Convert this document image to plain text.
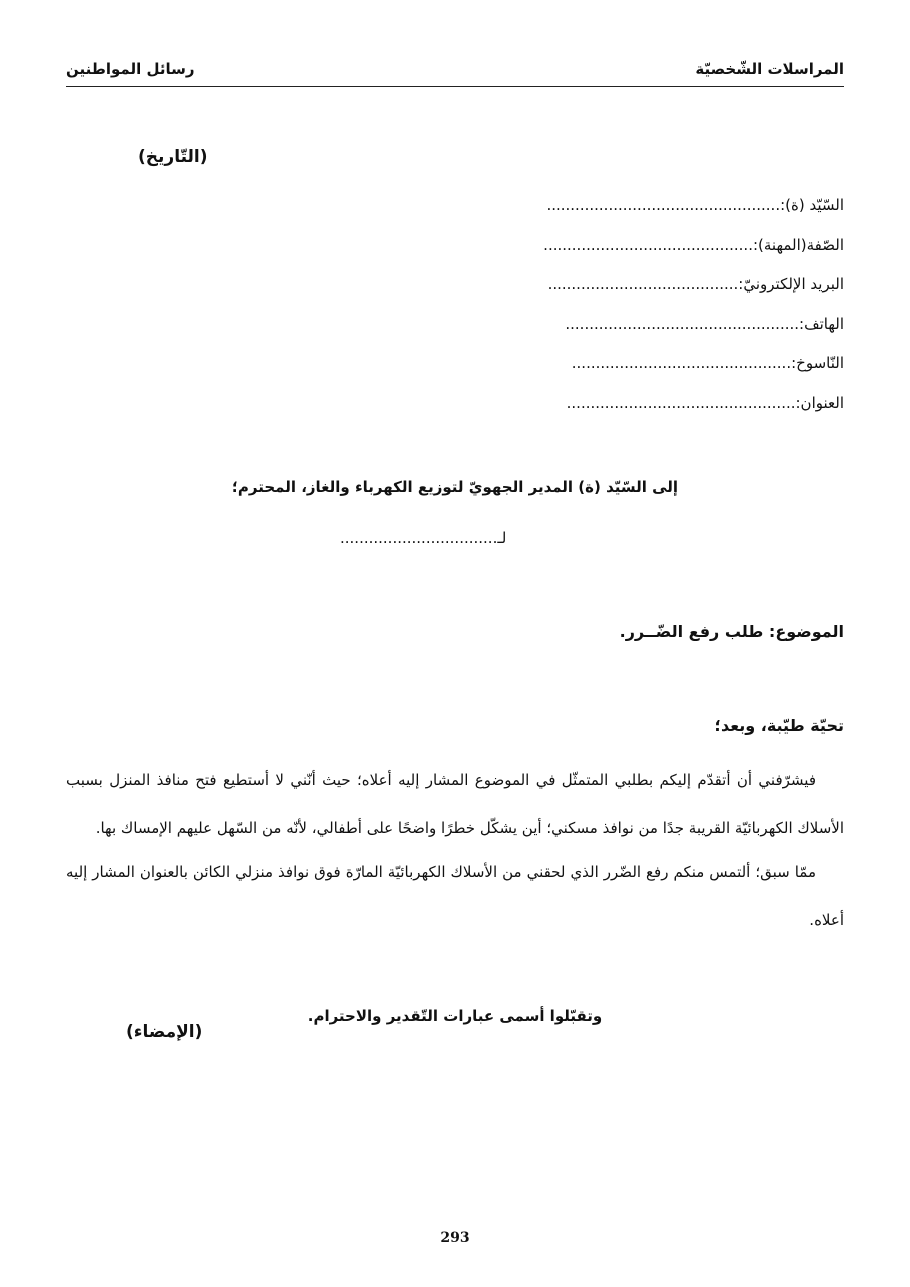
المراسلات الشّخصيّة
رسائل المواطنين
(التّاريخ)
السّيّد (ة):.................................................
الصّفة(المهنة):............................................
البريد الإلكترونيّ:........................................
الهاتف:.................................................
النّاسوخ:..............................................
العنوان:................................................
إلى السّيّد (ة) المدير الجهويّ لتوزيع الكهرباء والغاز، المحترم؛
لـ.................................
الموضوع: طلب رفع الضّــرر.
تحيّة طيّبة، وبعد؛

فيشرّفني أن أتقدّم إليكم بطلبي المتمثّل في الموضوع المشار إليه أعلاه؛ حيث أنّني لا أستطيع فتح منافذ المنزل بسبب الأسلاك الكهربائيّة القريبة جدًا من نوافذ مسكني؛ أين يشكّل خطرًا واضحًا على أطفالي، لأنّه من السّهل عليهم الإمساك بها.

ممّا سبق؛ ألتمس منكم رفع الضّرر الذي لحقني من الأسلاك الكهربائيّة المارّة فوق نوافذ منزلي الكائن بالعنوان المشار إليه أعلاه.

وتقبّلوا أسمى عبارات التّقدير والاحترام.
(الإمضاء)
293
